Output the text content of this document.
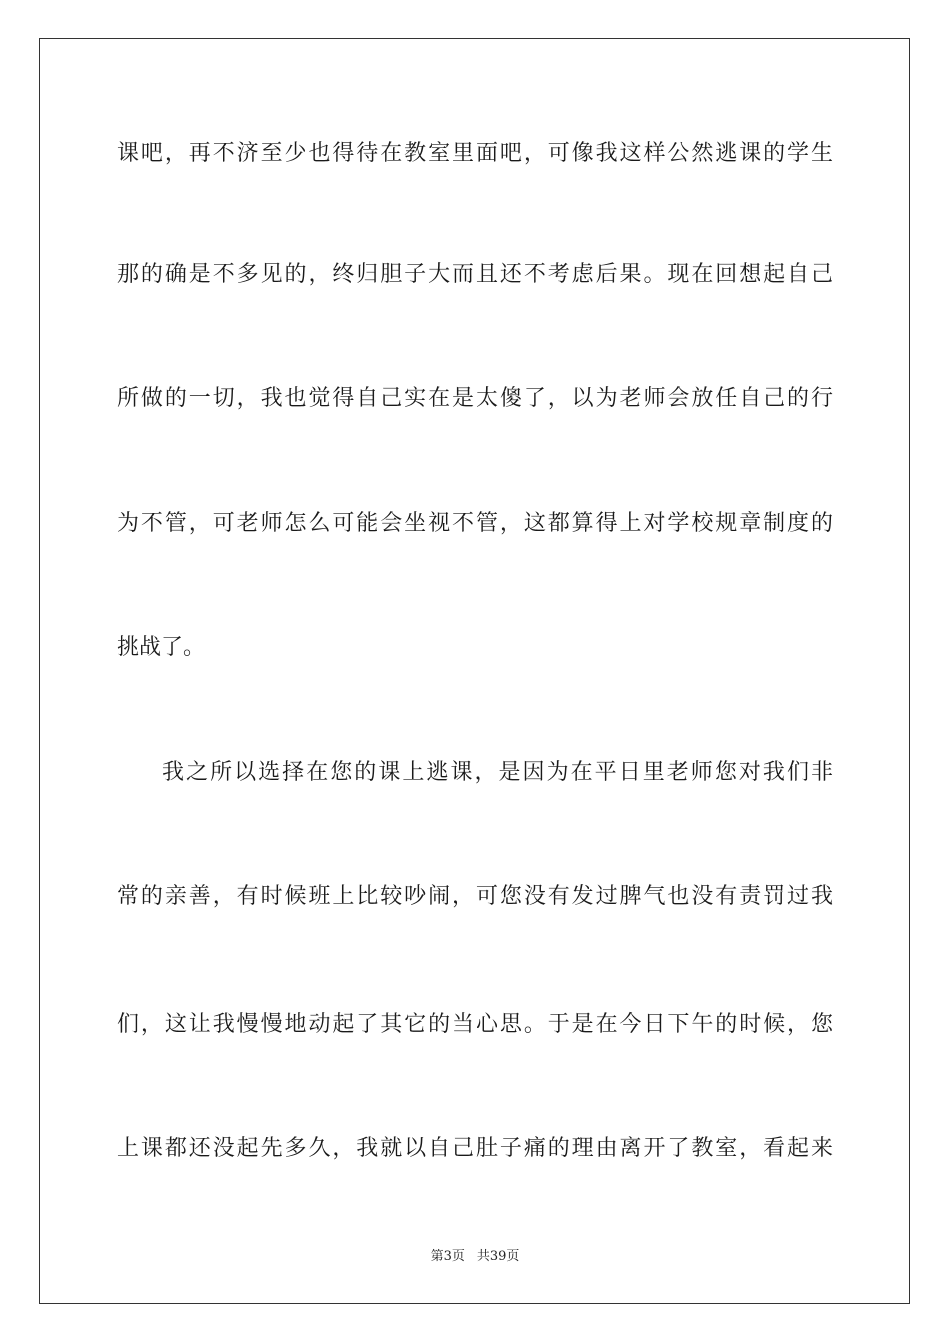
课吧，再不济至少也得待在教室里面吧，可像我这样公然逃课的学生
那的确是不多见的，终归胆子大而且还不考虑后果。现在回想起自己
所做的一切，我也觉得自己实在是太傻了，以为老师会放任自己的行
为不管，可老师怎么可能会坐视不管，这都算得上对学校规章制度的
挑战了。
我之所以选择在您的课上逃课，是因为在平日里老师您对我们非
常的亲善，有时候班上比较吵闹，可您没有发过脾气也没有责罚过我
们，这让我慢慢地动起了其它的当心思。于是在今日下午的时候，您
上课都还没起先多久，我就以自己肚子痛的理由离开了教室，看起来
第3页 共39页
